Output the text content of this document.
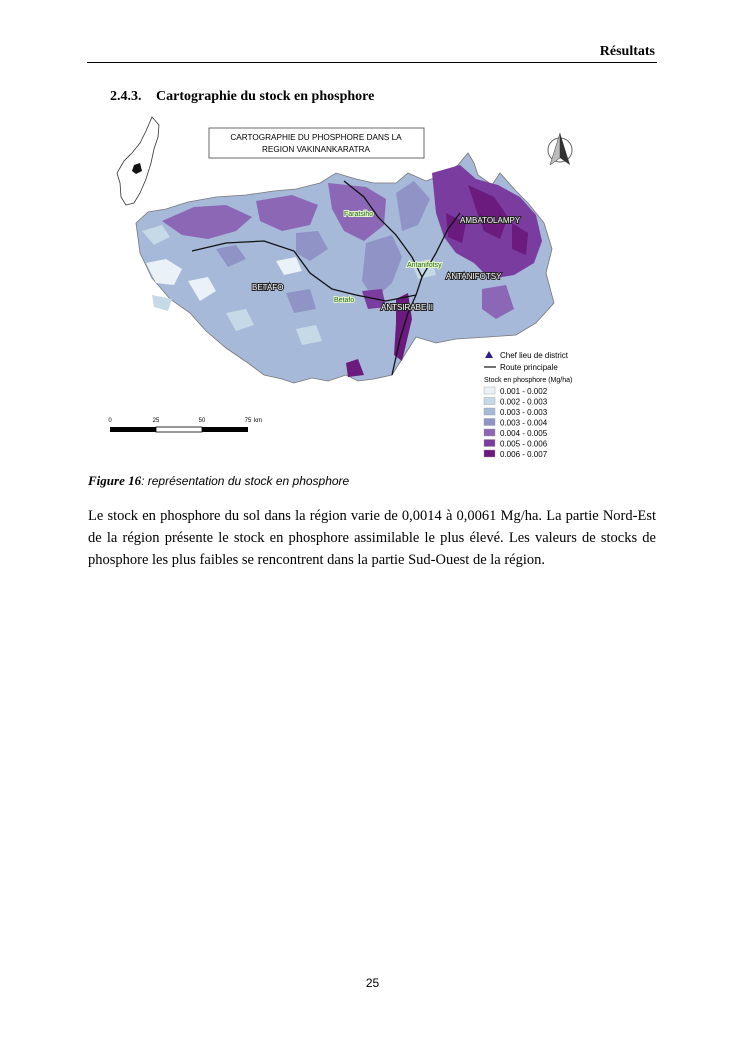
Résultats
2.4.3. Cartographie du stock en phosphore
CARTOGRAPHIE DU PHOSPHORE DANS LA
REGION VAKINANKARATRA
Faratsiho
AMBATOLAMPY
Antanifotsy
ANTANIFOTSY
BETAFO
Betafo
ANTSIRABE II
Chef lieu de district
Route principale
Stock en phosphore (Mg/ha)
0.001 - 0.002
0.002 - 0.003
0.003 - 0.003
0.003 - 0.004
0.004 - 0.005
0.005 - 0.006
0.006 - 0.007
0	25	50	75 km
Figure 16: représentation du stock en phosphore
Le stock en phosphore du sol dans la région varie de 0,0014 à 0,0061 Mg/ha. La partie Nord-Est de la région présente le stock en phosphore assimilable le plus élevé. Les valeurs de stocks de phosphore les plus faibles se rencontrent dans la partie Sud-Ouest de la région.
25
